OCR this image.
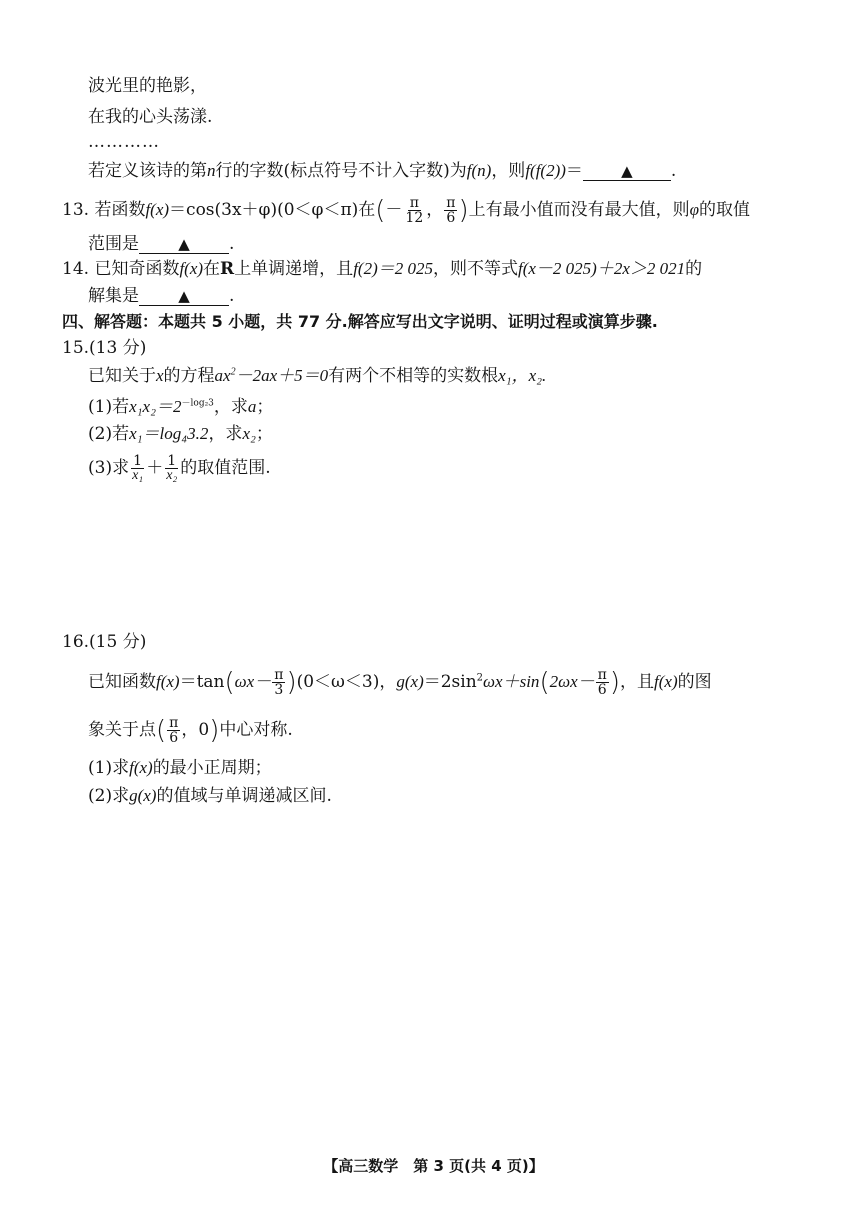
波光里的艳影，
在我的心头荡漾.
…………
若定义该诗的第n行的字数(标点符号不计入字数)为f(n)，则f(f(2))＝	▲ .
13. 若函数f(x)＝cos(3x＋φ)(0＜φ＜π)在(－ $\frac{\pi}{12}$ ， $\frac{\pi}{6}$ )上有最小值而没有最大值，则φ的取值
范围是	▲ .
14. 已知奇函数f(x)在R上单调递增，且f(2)＝2 025，则不等式f(x－2 025)＋2x＞2 021的
解集是	▲ .
四、解答题：本题共 5 小题，共 77 分.解答应写出文字说明、证明过程或演算步骤.
15.(13 分)
已知关于x的方程$ax^2-2ax+5=0$有两个不相等的实数根x₁，x₂.
(1)若$x_1x_2=2^{-log_23}$，求a；
(2)若x₁＝log₄3.2，求x₂；
(3)求 $\frac{1}{\text{x₁}} + \frac{1}{\text{x₂}}$ 的取值范围.
16.(15 分)
已知函数$f(x)=\tan(\omega x- \frac{\pi}{3} )(0<\omega<3)$，$g(x)=2\sin^2\omega x+\sin(2\omega x- \frac{\pi}{6}$ )，且f(x)的图
象关于点( $\frac{\pi}{6}$ ，0)中心对称.
(1)求f(x)的最小正周期；
(2)求g(x)的值域与单调递减区间.
【高三数学　第 3 页(共 4 页)】
